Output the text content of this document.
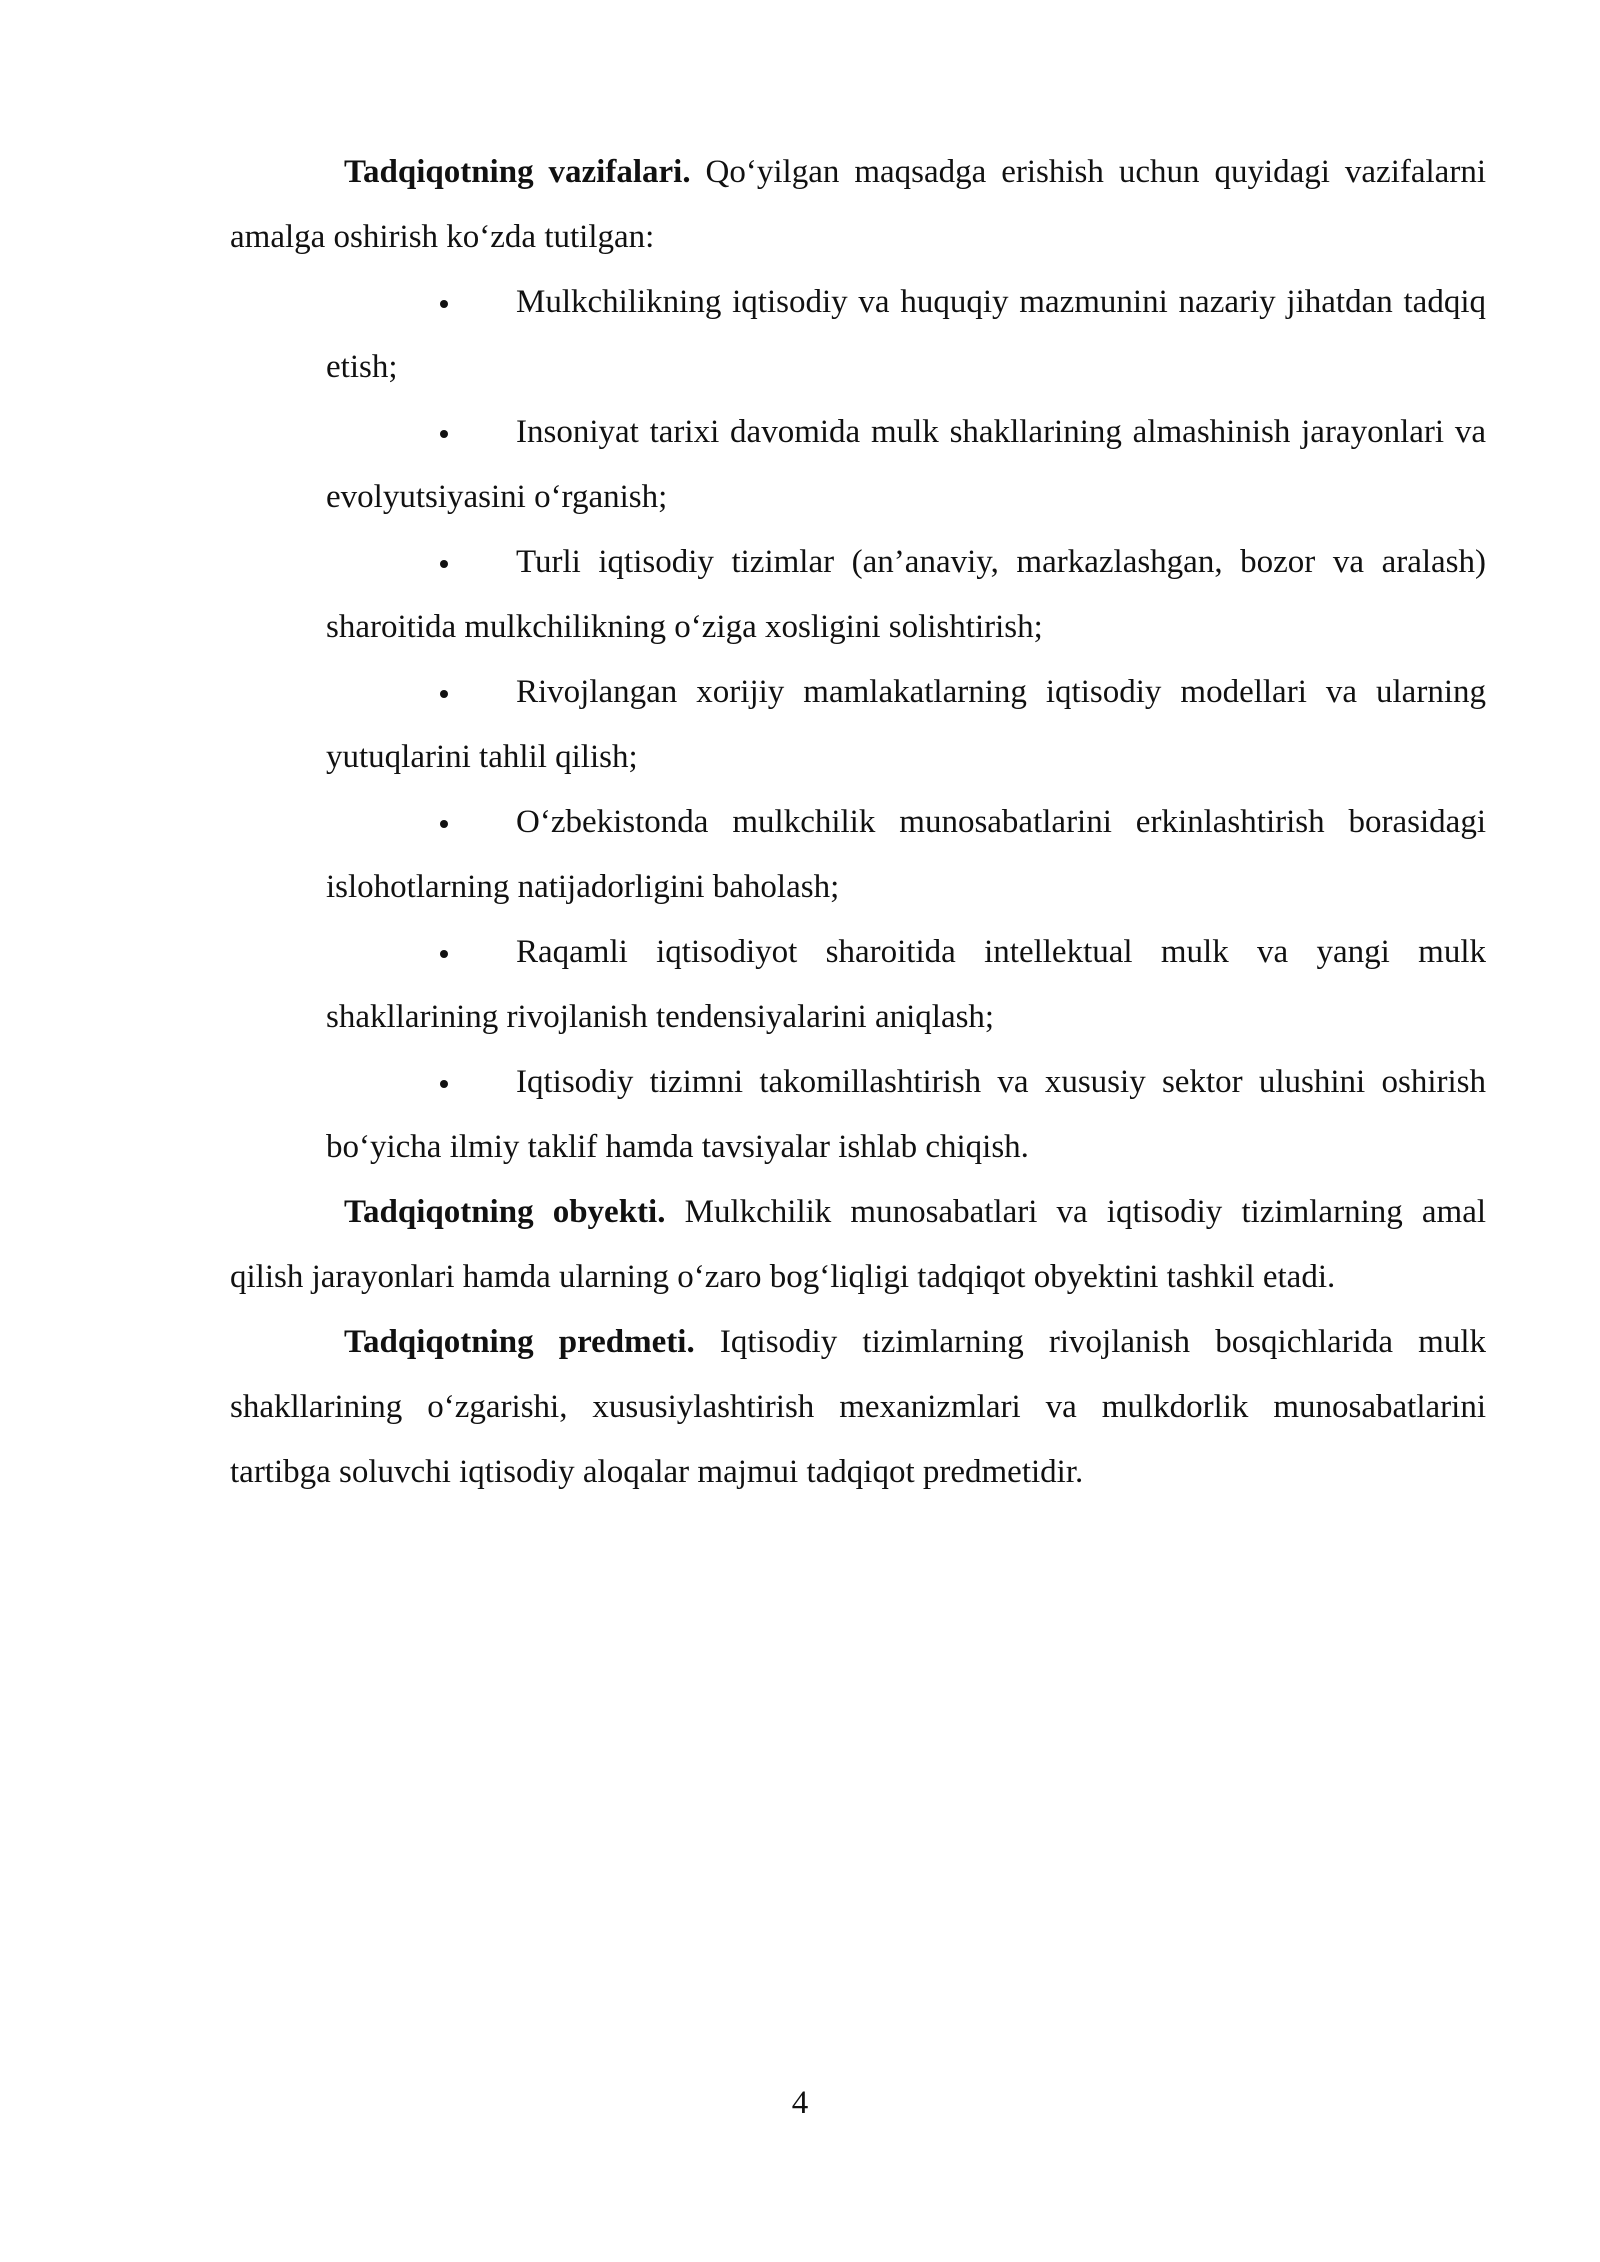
Tadqiqotning vazifalari. Qo‘yilgan maqsadga erishish uchun quyidagi vazifalarni amalga oshirish ko‘zda tutilgan:

Mulkchilikning iqtisodiy va huquqiy mazmunini nazariy jihatdan tadqiq etish;
Insoniyat tarixi davomida mulk shakllarining almashinish jarayonlari va evolyutsiyasini o‘rganish;
Turli iqtisodiy tizimlar (an’anaviy, markazlashgan, bozor va aralash) sharoitida mulkchilikning o‘ziga xosligini solishtirish;
Rivojlangan xorijiy mamlakatlarning iqtisodiy modellari va ularning yutuqlarini tahlil qilish;
O‘zbekistonda mulkchilik munosabatlarini erkinlashtirish borasidagi islohotlarning natijadorligini baholash;
Raqamli iqtisodiyot sharoitida intellektual mulk va yangi mulk shakllarining rivojlanish tendensiyalarini aniqlash;
Iqtisodiy tizimni takomillashtirish va xususiy sektor ulushini oshirish bo‘yicha ilmiy taklif hamda tavsiyalar ishlab chiqish.

Tadqiqotning obyekti. Mulkchilik munosabatlari va iqtisodiy tizimlarning amal qilish jarayonlari hamda ularning o‘zaro bog‘liqligi tadqiqot obyektini tashkil etadi.

Tadqiqotning predmeti. Iqtisodiy tizimlarning rivojlanish bosqichlarida mulk shakllarining o‘zgarishi, xususiylashtirish mexanizmlari va mulkdorlik munosabatlarini tartibga soluvchi iqtisodiy aloqalar majmui tadqiqot predmetidir.

4
